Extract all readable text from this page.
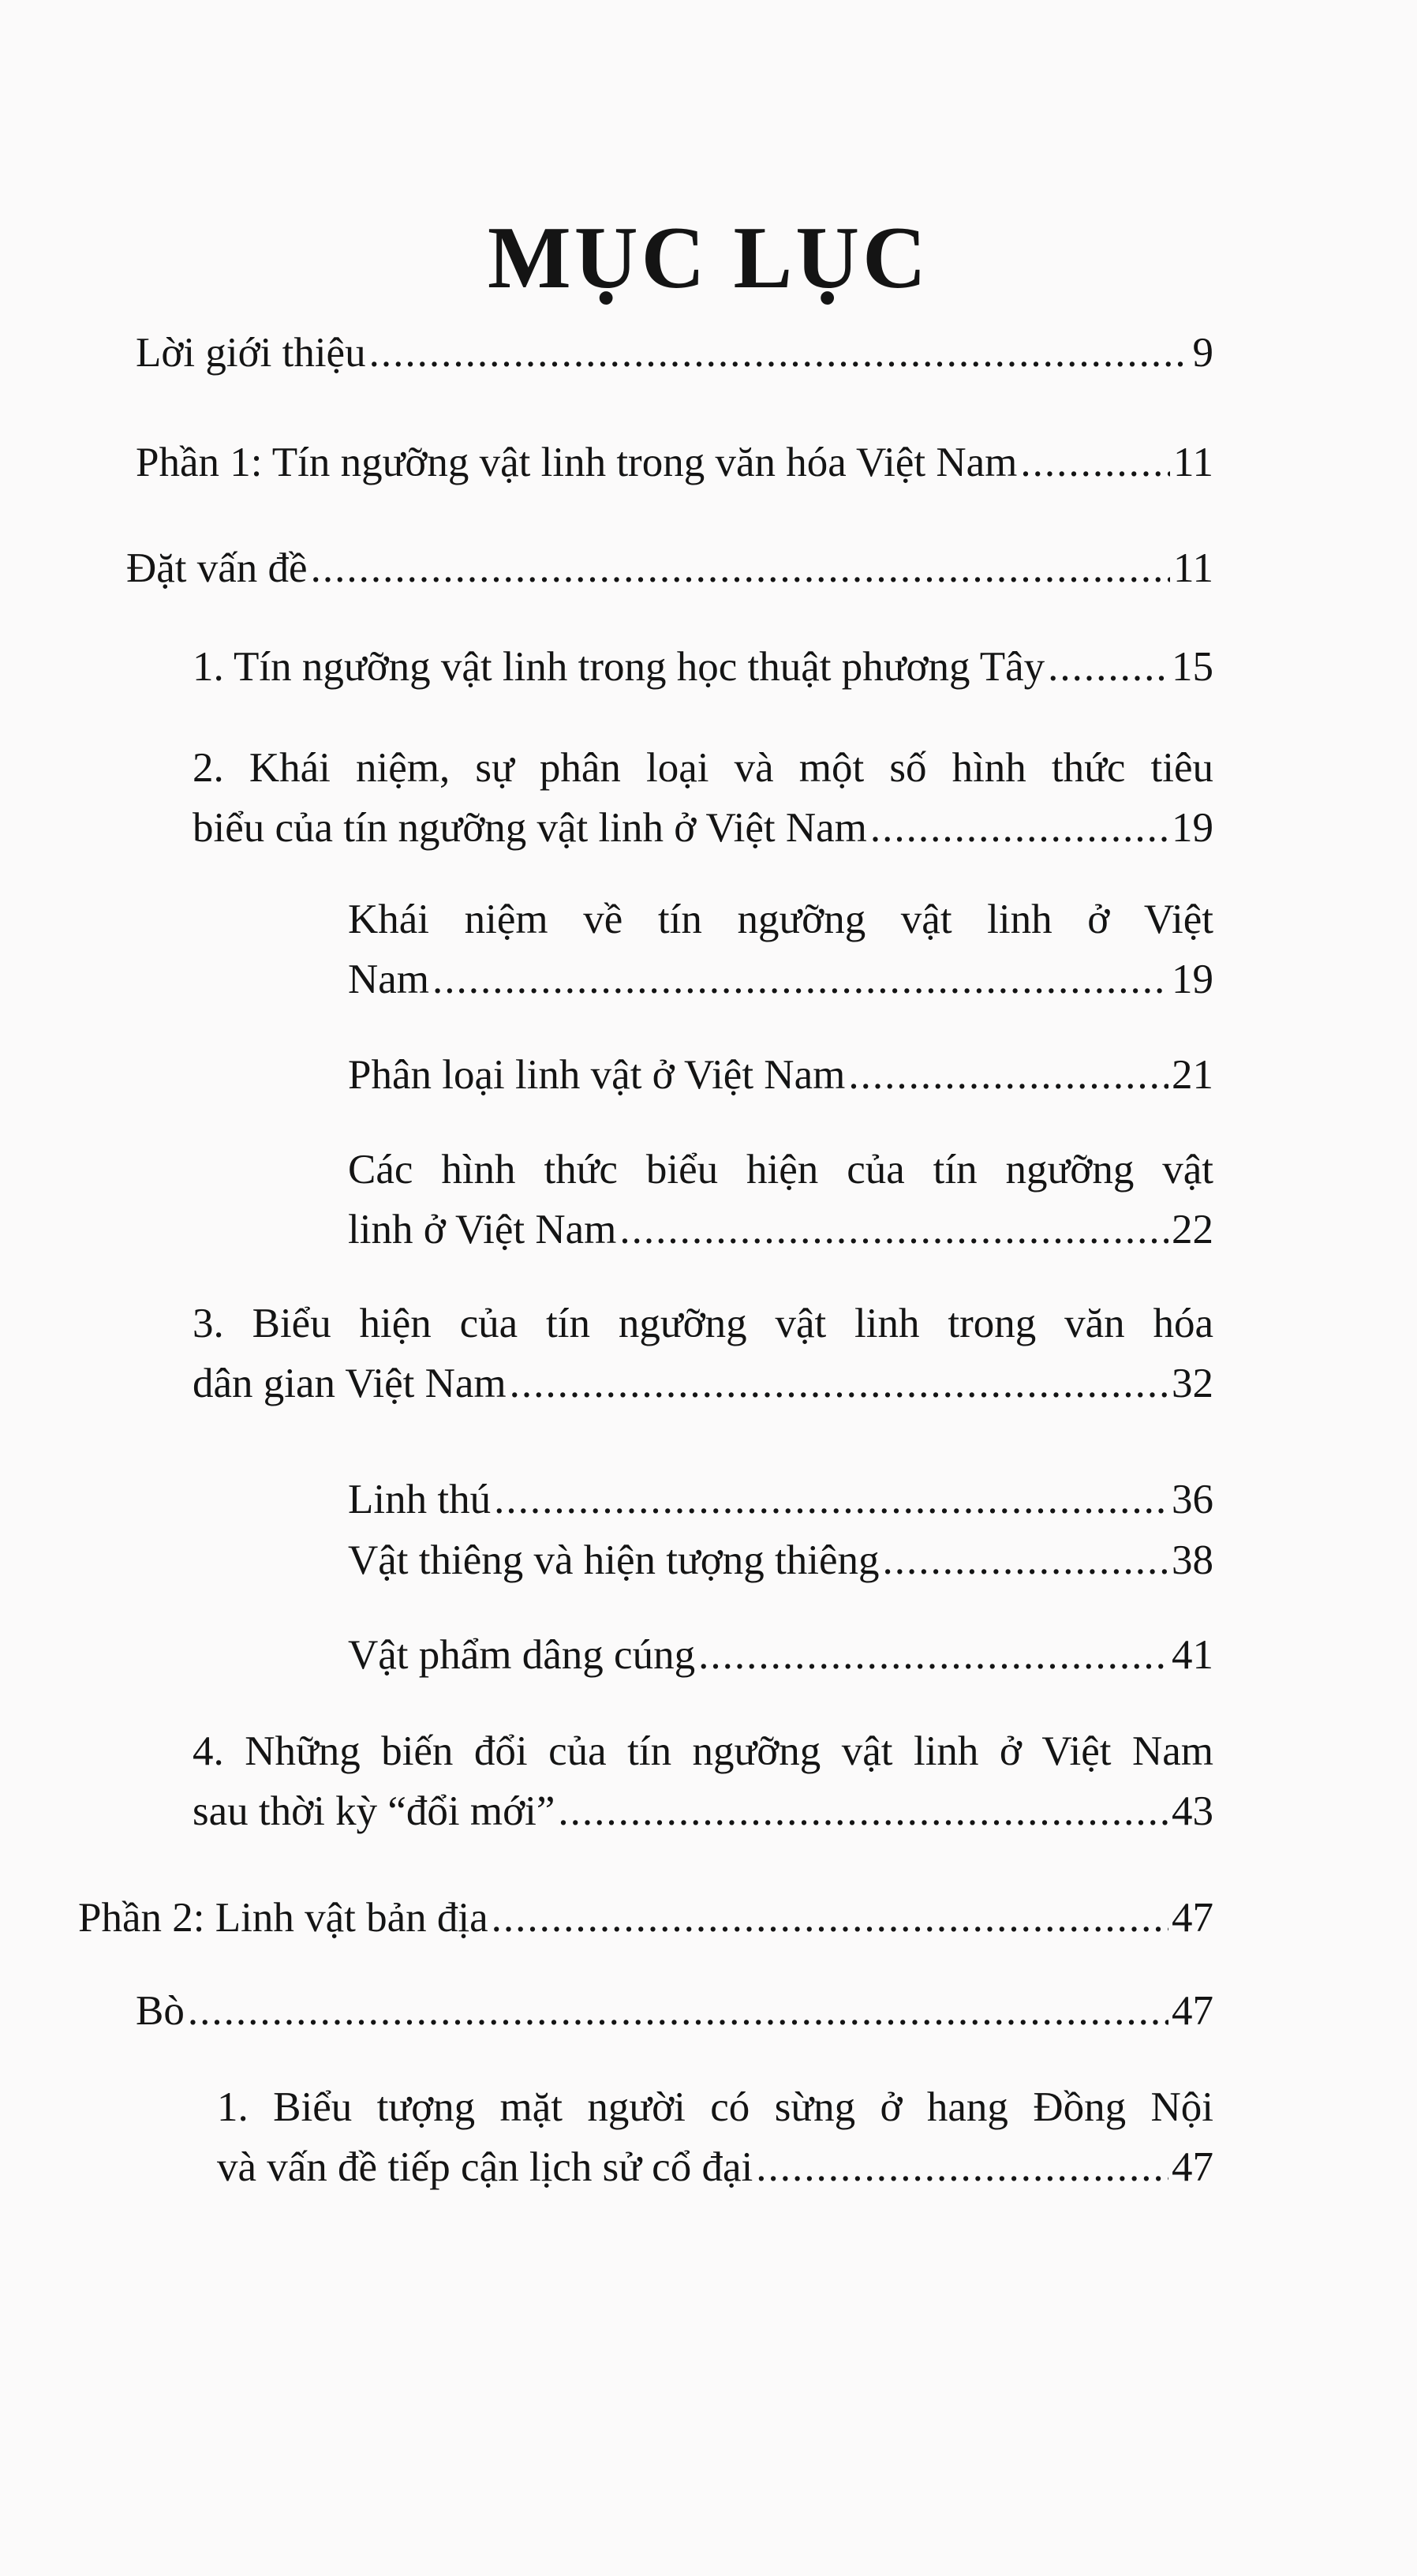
MỤC LỤC
Lời giới thiệu .....	9
Phần 1: Tín ngưỡng vật linh trong văn hóa Việt Nam .....	11
Đặt vấn đề .....	11
1. Tín ngưỡng vật linh trong học thuật phương Tây .....	15
2. Khái niệm, sự phân loại và một số hình thức tiêu
biểu của tín ngưỡng vật linh ở Việt Nam .....	19
Khái niệm về tín ngưỡng vật linh ở Việt
Nam .....	19
Phân loại linh vật ở Việt Nam .....	21
Các hình thức biểu hiện của tín ngưỡng vật
linh ở Việt Nam .....	22
3. Biểu hiện của tín ngưỡng vật linh trong văn hóa
dân gian Việt Nam .....	32
Linh thú .....	36
Vật thiêng và hiện tượng thiêng .....	38
Vật phẩm dâng cúng .....	41
4. Những biến đổi của tín ngưỡng vật linh ở Việt Nam
sau thời kỳ “đổi mới” .....	43
Phần 2: Linh vật bản địa .....	47
Bò .....	47
1. Biểu tượng mặt người có sừng ở hang Đồng Nội
và vấn đề tiếp cận lịch sử cổ đại .....	47
